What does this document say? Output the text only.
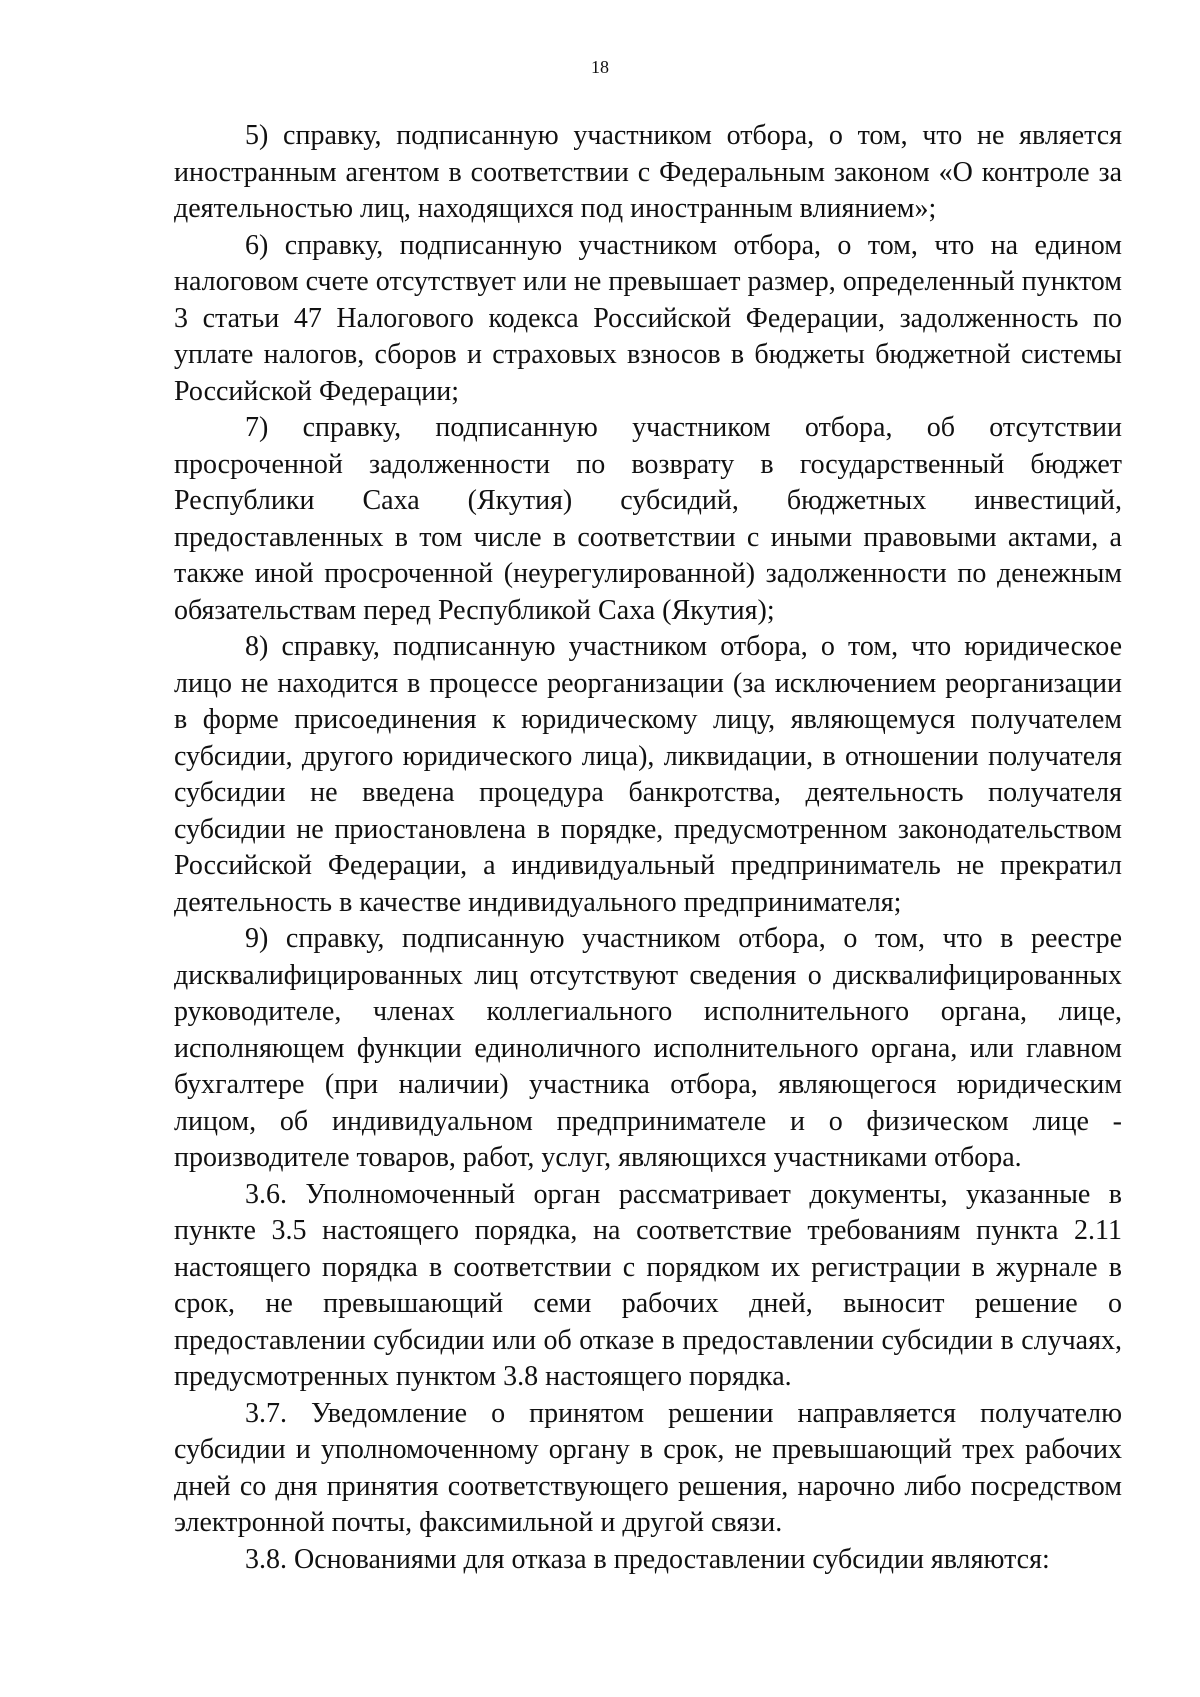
18

5) справку, подписанную участником отбора, о том, что не является иностранным агентом в соответствии с Федеральным законом «О контроле за деятельностью лиц, находящихся под иностранным влиянием»;

6) справку, подписанную участником отбора, о том, что на едином налоговом счете отсутствует или не превышает размер, определенный пунктом 3 статьи 47 Налогового кодекса Российской Федерации, задолженность по уплате налогов, сборов и страховых взносов в бюджеты бюджетной системы Российской Федерации;

7) справку, подписанную участником отбора, об отсутствии просроченной задолженности по возврату в государственный бюджет Республики Саха (Якутия) субсидий, бюджетных инвестиций, предоставленных в том числе в соответствии с иными правовыми актами, а также иной просроченной (неурегулированной) задолженности по денежным обязательствам перед Республикой Саха (Якутия);

8) справку, подписанную участником отбора, о том, что юридическое лицо не находится в процессе реорганизации (за исключением реорганизации в форме присоединения к юридическому лицу, являющемуся получателем субсидии, другого юридического лица), ликвидации, в отношении получателя субсидии не введена процедура банкротства, деятельность получателя субсидии не приостановлена в порядке, предусмотренном законодательством Российской Федерации, а индивидуальный предприниматель не прекратил деятельность в качестве индивидуального предпринимателя;

9) справку, подписанную участником отбора, о том, что в реестре дисквалифицированных лиц отсутствуют сведения о дисквалифицированных руководителе, членах коллегиального исполнительного органа, лице, исполняющем функции единоличного исполнительного органа, или главном бухгалтере (при наличии) участника отбора, являющегося юридическим лицом, об индивидуальном предпринимателе и о физическом лице - производителе товаров, работ, услуг, являющихся участниками отбора.

3.6. Уполномоченный орган рассматривает документы, указанные в пункте 3.5 настоящего порядка, на соответствие требованиям пункта 2.11 настоящего порядка в соответствии с порядком их регистрации в журнале в срок, не превышающий семи рабочих дней, выносит решение о предоставлении субсидии или об отказе в предоставлении субсидии в случаях, предусмотренных пунктом 3.8 настоящего порядка.

3.7. Уведомление о принятом решении направляется получателю субсидии и уполномоченному органу в срок, не превышающий трех рабочих дней со дня принятия соответствующего решения, нарочно либо посредством электронной почты, факсимильной и другой связи.

3.8. Основаниями для отказа в предоставлении субсидии являются:
